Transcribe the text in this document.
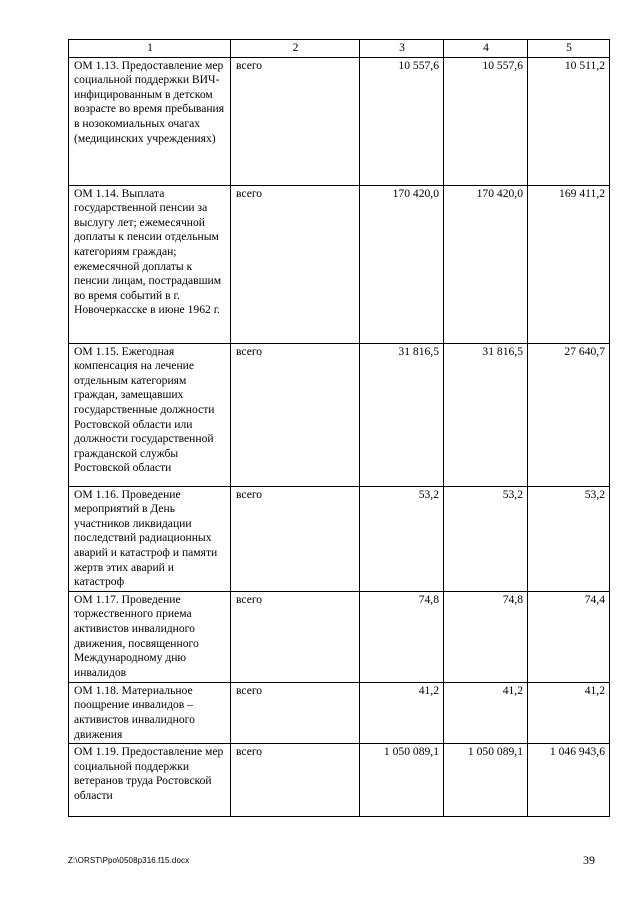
1	2	3	4	5
ОМ 1.13. Предоставление мер социальной поддержки ВИЧ-инфицированным в детском возрасте во время пребывания в нозокомиальных очагах (медицинских учреждениях)	всего	10 557,6	10 557,6	10 511,2
ОМ 1.14. Выплата государственной пенсии за выслугу лет; ежемесячной доплаты к пенсии отдельным категориям граждан; ежемесячной доплаты к пенсии лицам, пострадавшим во время событий в г. Новочеркасске в июне 1962 г.	всего	170 420,0	170 420,0	169 411,2
ОМ 1.15. Ежегодная компенсация на лечение отдельным категориям граждан, замещавших государственные должности Ростовской области или должности государственной гражданской службы Ростовской области	всего	31 816,5	31 816,5	27 640,7
ОМ 1.16. Проведение мероприятий в День участников ликвидации последствий радиационных аварий и катастроф и памяти жертв этих аварий и катастроф	всего	53,2	53,2	53,2
ОМ 1.17. Проведение торжественного приема активистов инвалидного движения, посвященного Международному дню инвалидов	всего	74,8	74,8	74,4
ОМ 1.18. Материальное поощрение инвалидов – активистов инвалидного движения	всего	41,2	41,2	41,2
ОМ 1.19. Предоставление мер социальной поддержки ветеранов труда Ростовской области	всего	1 050 089,1	1 050 089,1	1 046 943,6
Z:\ORST\Ppo\0508p316.f15.docx	39
